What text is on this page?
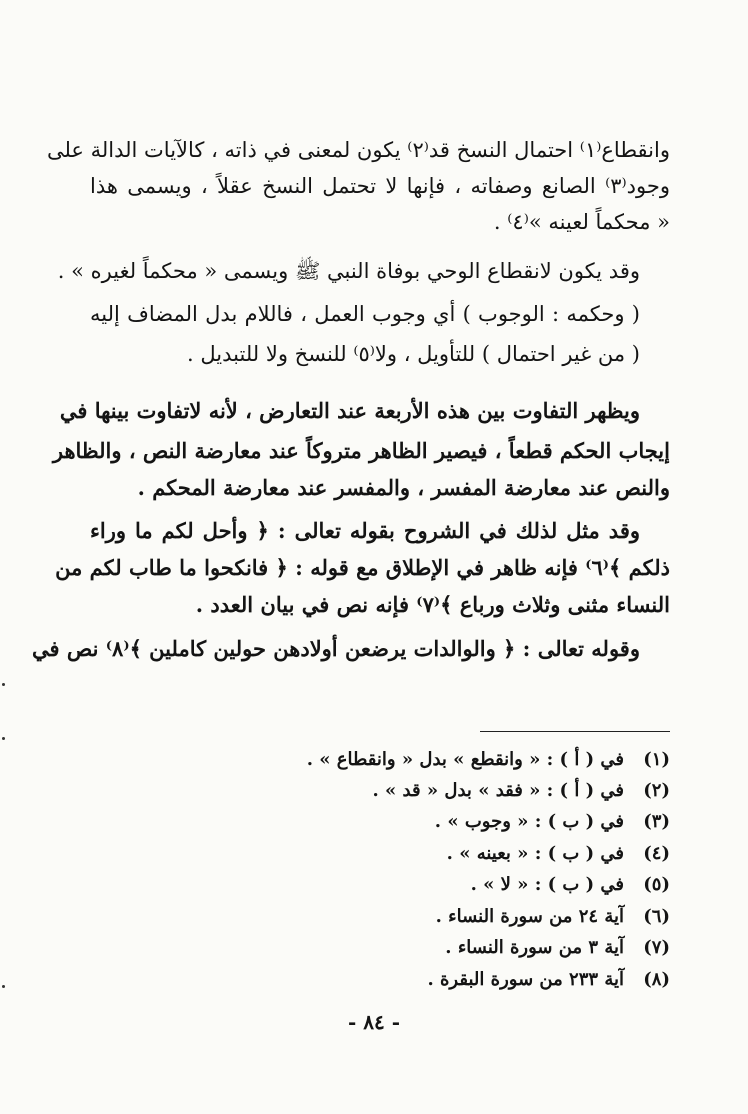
وانقطاع⁽١⁾ احتمال النسخ قد⁽٢⁾ يكون لمعنى في ذاته ، كالآيات الدالة على
وجود⁽٣⁾ الصانع وصفاته ، فإنها لا تحتمل النسخ عقلاً ، ويسمى هذا
« محكماً لعينه »⁽٤⁾ .
وقد يكون لانقطاع الوحي بوفاة النبي ﷺ ويسمى « محكماً لغيره » .
( وحكمه : الوجوب ) أي وجوب العمل ، فاللام بدل المضاف إليه
( من غير احتمال ) للتأويل ، ولا⁽٥⁾ للنسخ ولا للتبديل .
ويظهر التفاوت بين هذه الأربعة عند التعارض ، لأنه لاتفاوت بينها في
إيجاب الحكم قطعاً ، فيصير الظاهر متروكاً عند معارضة النص ، والظاهر
والنص عند معارضة المفسر ، والمفسر عند معارضة المحكم .
وقد مثل لذلك في الشروح بقوله تعالى : ﴿ وأحل لكم ما وراء
ذلكم ﴾⁽٦⁾ فإنه ظاهر في الإطلاق مع قوله : ﴿ فانكحوا ما طاب لكم من
النساء مثنى وثلاث ورباع ﴾⁽٧⁾ فإنه نص في بيان العدد .
وقوله تعالى : ﴿ والوالدات يرضعن أولادهن حولين كاملين ﴾⁽٨⁾ نص في
(١)في ( أ ) : « وانقطع » بدل « وانقطاع » .
(٢)في ( أ ) : « فقد » بدل « قد » .
(٣)في ( ب ) : « وجوب » .
(٤)في ( ب ) : « بعينه » .
(٥)في ( ب ) : « لا » .
(٦)آية ٢٤ من سورة النساء .
(٧)آية ٣ من سورة النساء .
(٨)آية ٢٣٣ من سورة البقرة .
- ٨٤ -
